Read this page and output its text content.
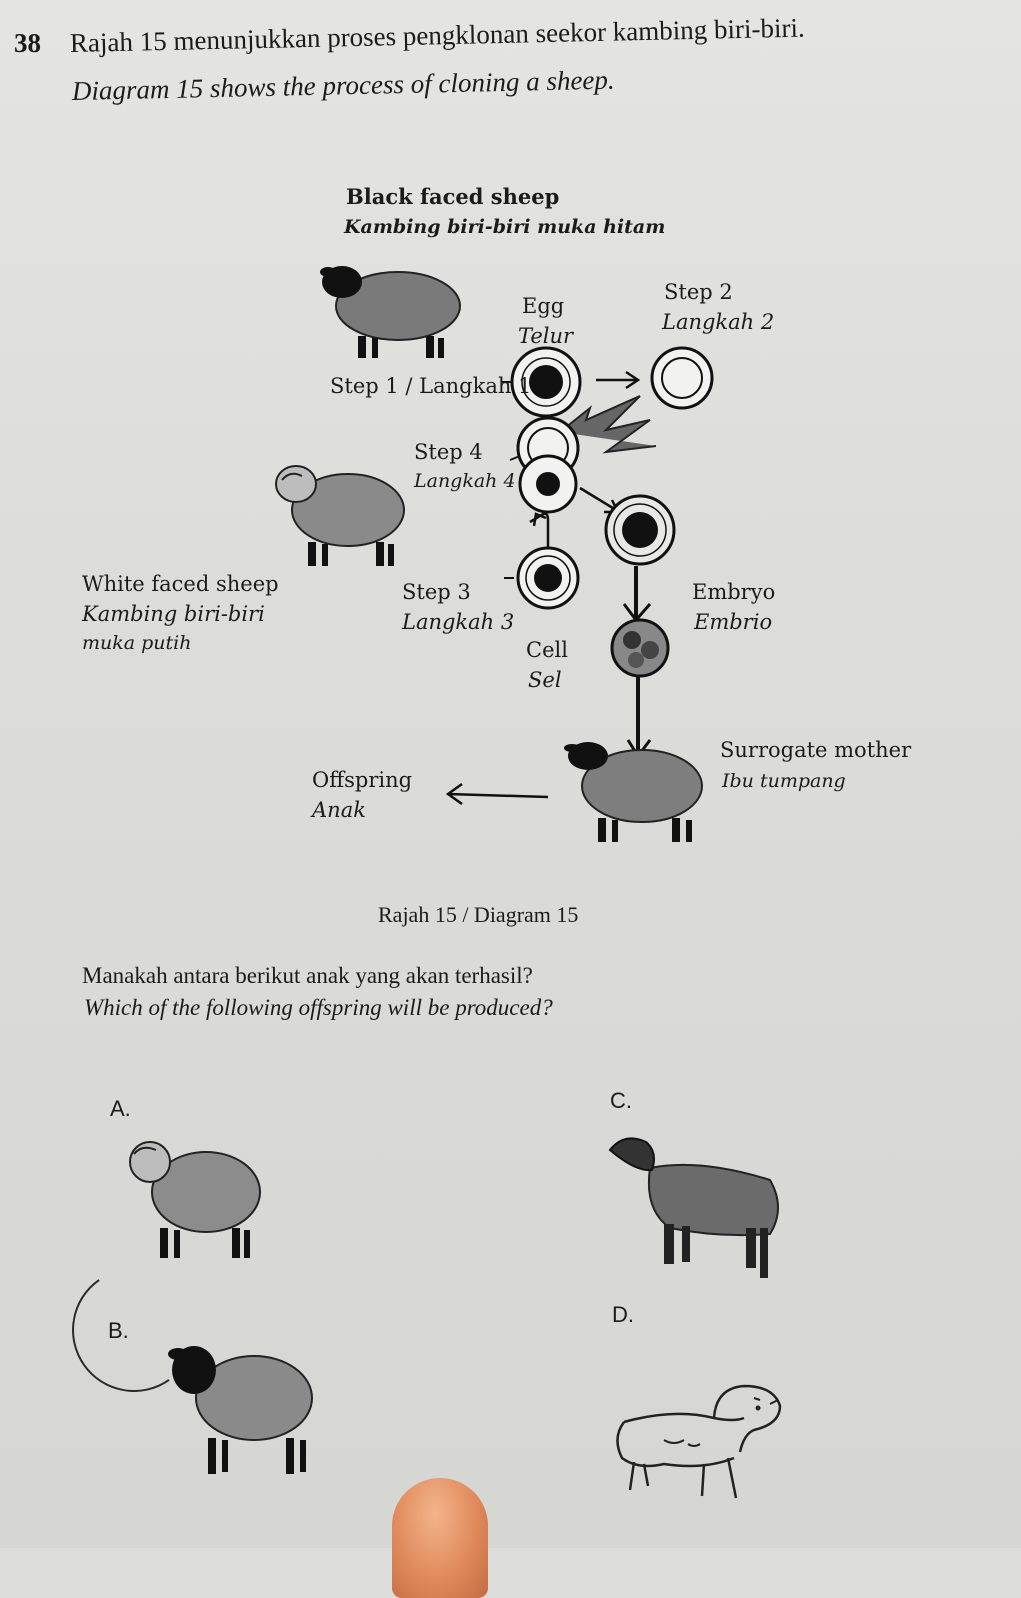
38 Rajah 15 menunjukkan proses pengklonan seekor kambing biri-biri.
Diagram 15 shows the process of cloning a sheep.
Black faced sheep
Kambing biri-biri muka hitam
Egg
Telur
Step 2
Langkah 2
Step 1 / Langkah 1
Step 4
Langkah 4
White faced sheep
Kambing biri-biri
muka putih
Step 3
Langkah 3
Embryo
Embrio
Cell
Sel
Surrogate mother
Ibu tumpang
Offspring
Anak
Rajah 15 / Diagram 15
Manakah antara berikut anak yang akan terhasil?
Which of the following offspring will be produced?
A.	C.
B.
D.
